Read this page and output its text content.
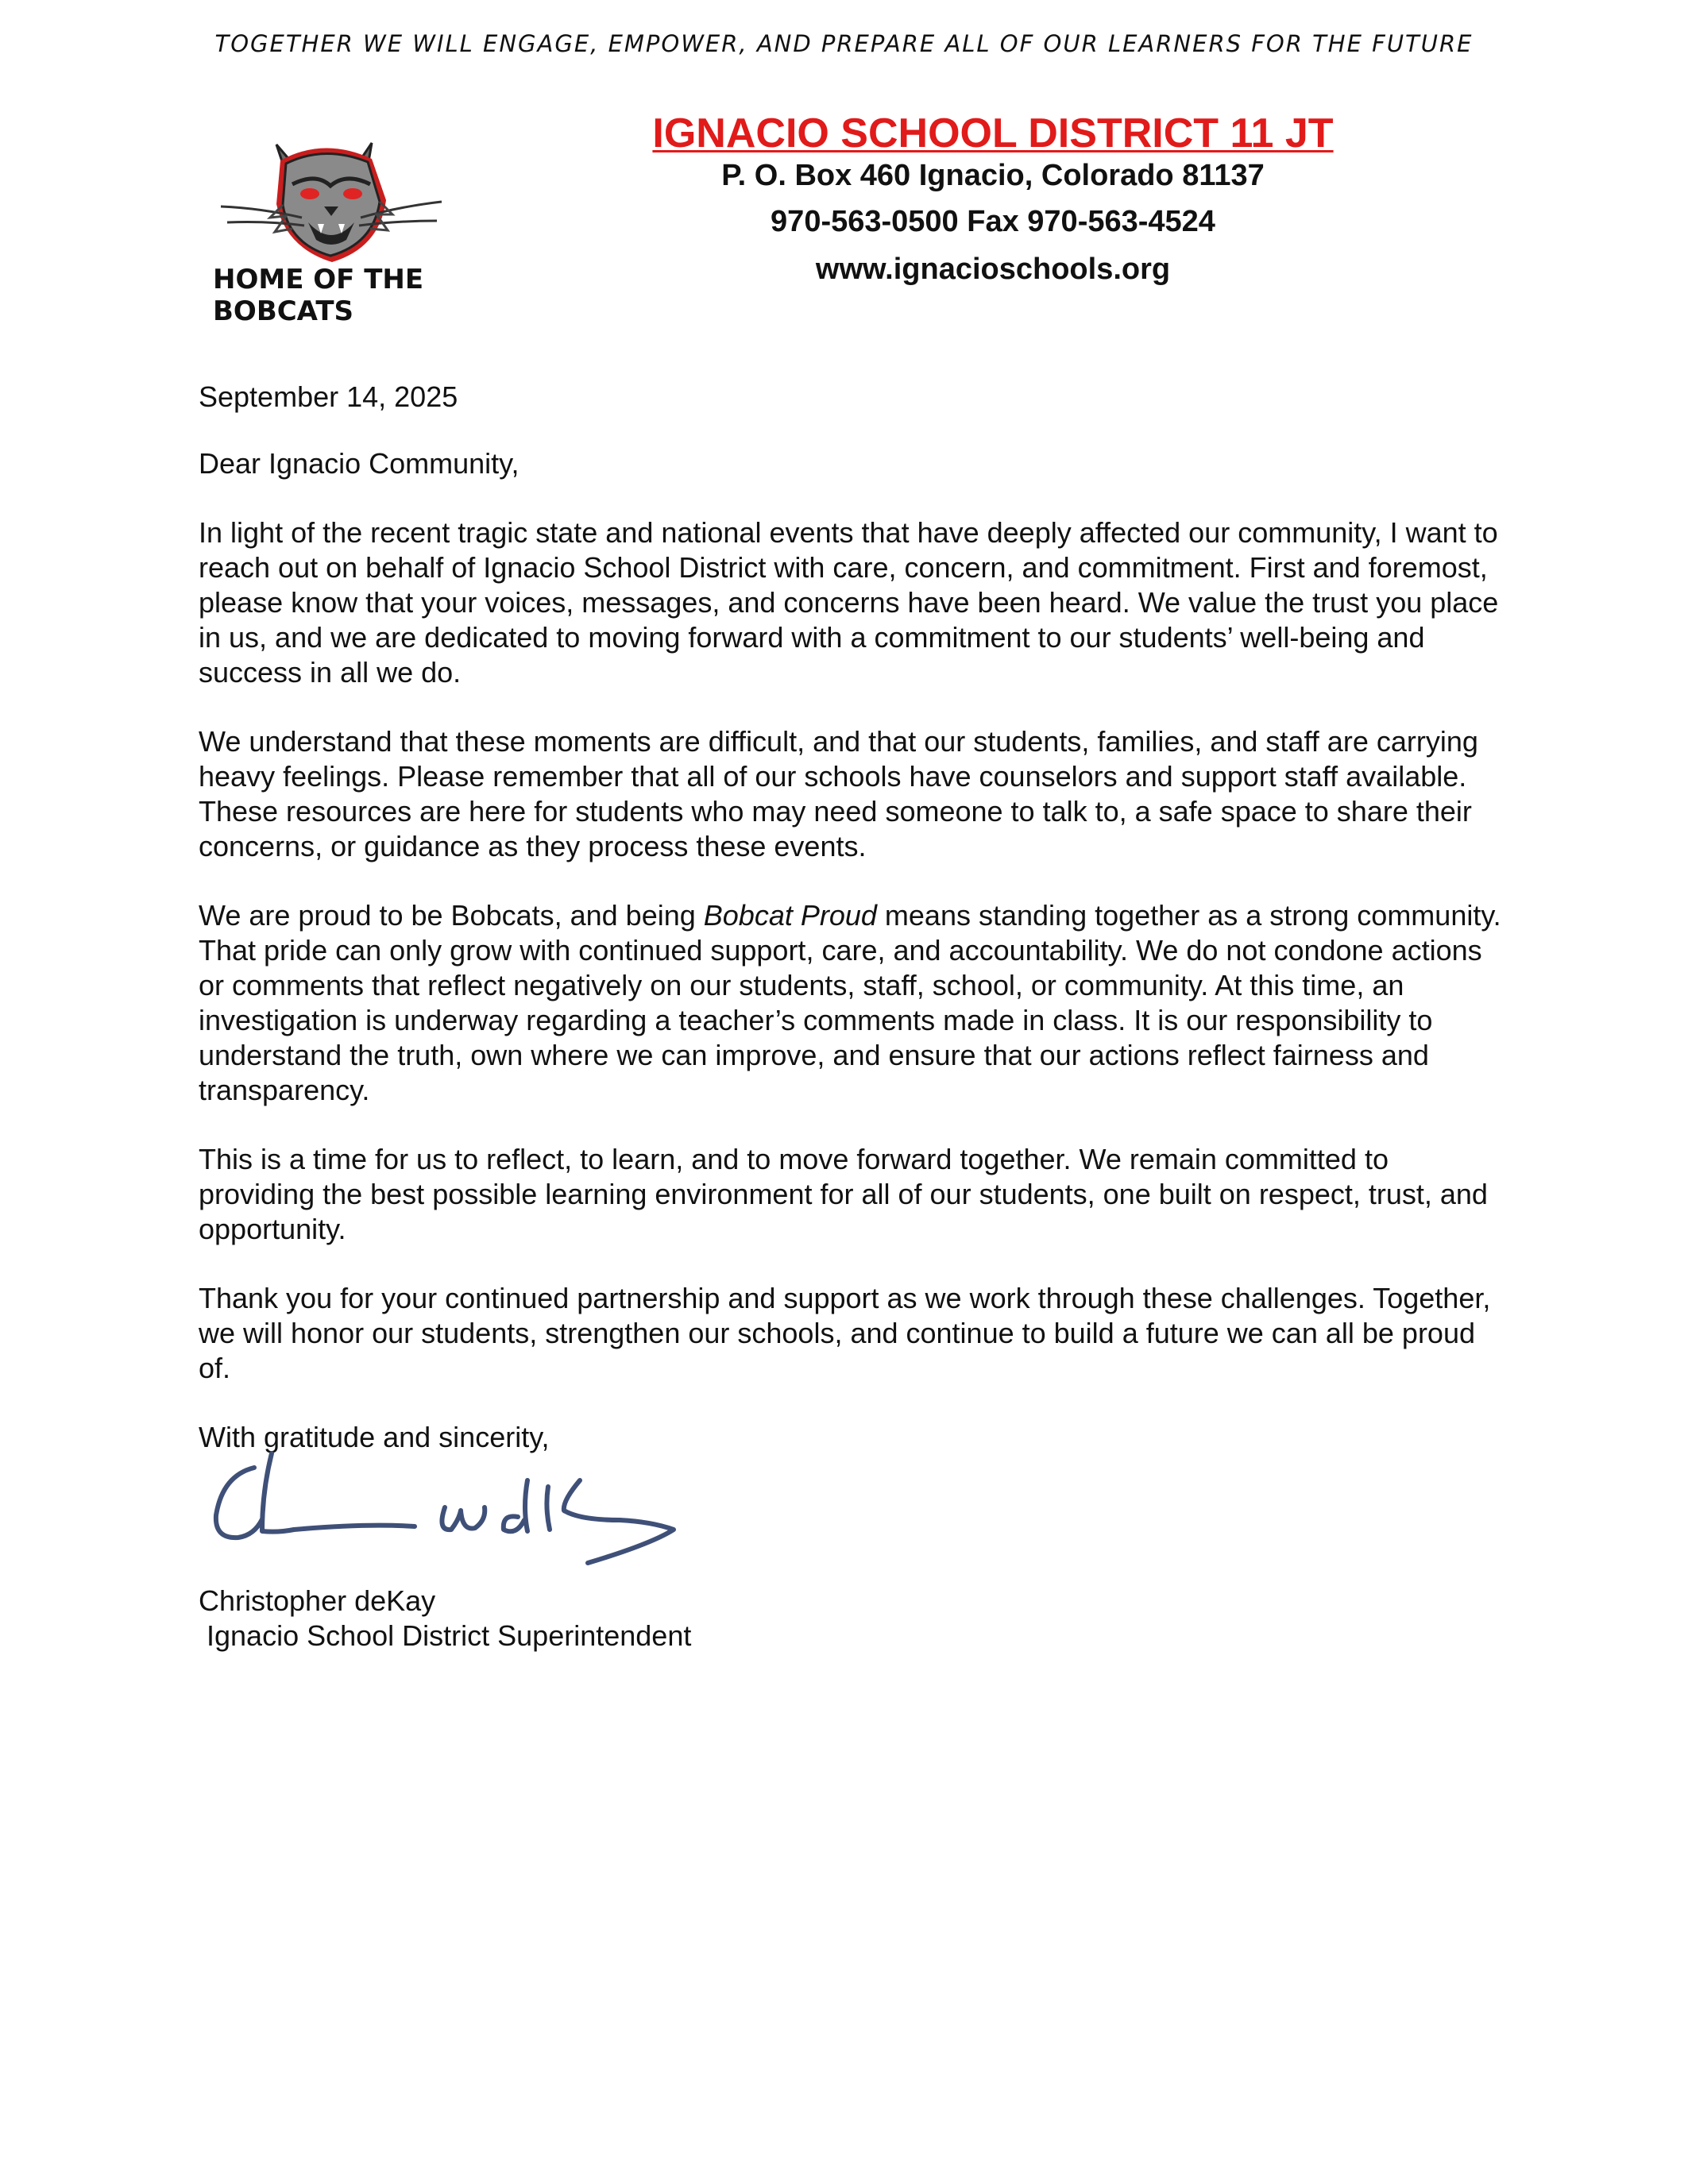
TOGETHER WE WILL ENGAGE, EMPOWER, AND PREPARE ALL OF OUR LEARNERS FOR THE FUTURE
HOME OF THE BOBCATS
IGNACIO SCHOOL DISTRICT 11 JT
P. O. Box 460 Ignacio, Colorado 81137
970-563-0500 Fax 970-563-4524
www.ignacioschools.org

September 14, 2025

Dear Ignacio Community,

In light of the recent tragic state and national events that have deeply affected our community, I want to reach out on behalf of Ignacio School District with care, concern, and commitment. First and foremost, please know that your voices, messages, and concerns have been heard. We value the trust you place in us, and we are dedicated to moving forward with a commitment to our students’ well-being and success in all we do.

We understand that these moments are difficult, and that our students, families, and staff are carrying heavy feelings. Please remember that all of our schools have counselors and support staff available. These resources are here for students who may need someone to talk to, a safe space to share their concerns, or guidance as they process these events.

We are proud to be Bobcats, and being Bobcat Proud means standing together as a strong community. That pride can only grow with continued support, care, and accountability. We do not condone actions or comments that reflect negatively on our students, staff, school, or community. At this time, an investigation is underway regarding a teacher’s comments made in class. It is our responsibility to understand the truth, own where we can improve, and ensure that our actions reflect fairness and transparency.

This is a time for us to reflect, to learn, and to move forward together. We remain committed to providing the best possible learning environment for all of our students, one built on respect, trust, and opportunity.

Thank you for your continued partnership and support as we work through these challenges. Together, we will honor our students, strengthen our schools, and continue to build a future we can all be proud of.

With gratitude and sincerity,

Christopher deKay
Ignacio School District Superintendent
